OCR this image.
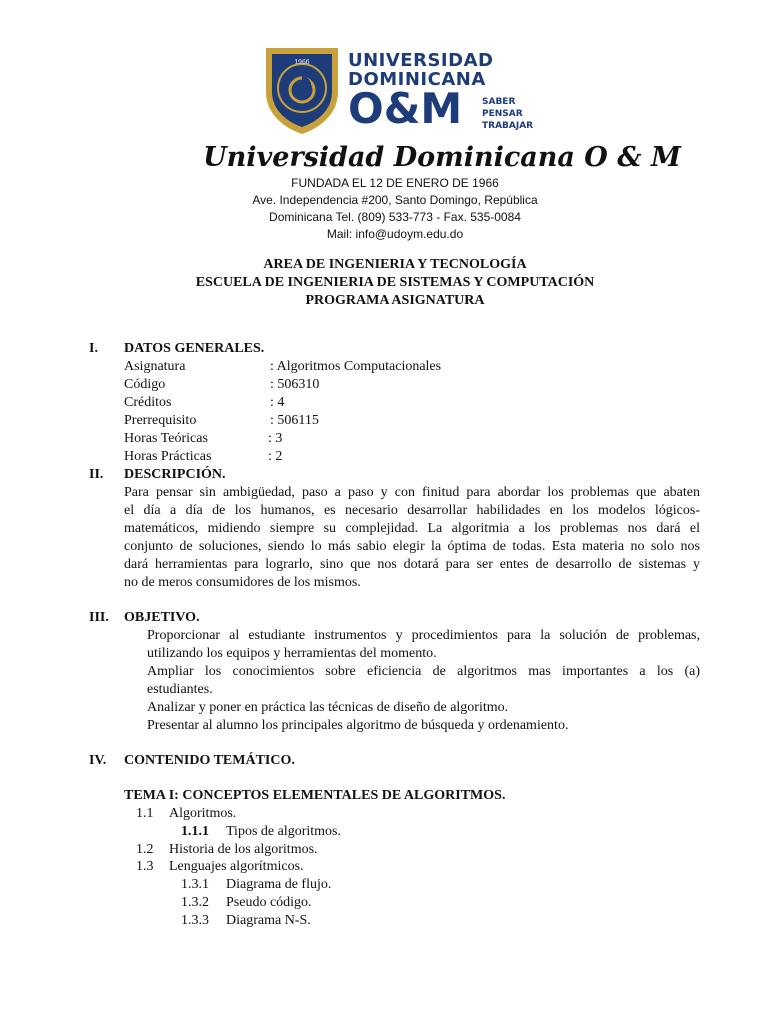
1966 UNIVERSIDAD
DOMINICANA
O&M SABER
PENSAR
TRABAJAR
Universidad Dominicana O & M
FUNDADA EL 12 DE ENERO DE 1966
Ave. Independencia #200, Santo Domingo, República
Dominicana Tel. (809) 533-773 - Fax. 535-0084
Mail: info@udoym.edu.do
AREA DE INGENIERIA Y TECNOLOGÍA
ESCUELA DE INGENIERIA DE SISTEMAS Y COMPUTACIÓN
PROGRAMA ASIGNATURA
I. DATOS GENERALES.
Asignatura	: Algoritmos Computacionales
Código	: 506310
Créditos	: 4
Prerrequisito	: 506115
Horas Teóricas	: 3
Horas Prácticas	: 2
II. DESCRIPCIÓN.
Para pensar sin ambigüedad, paso a paso y con finitud para abordar los problemas que abaten
el día a día de los humanos, es necesario desarrollar habilidades en los modelos lógicos-
matemáticos, midiendo siempre su complejidad. La algoritmia a los problemas nos dará el
conjunto de soluciones, siendo lo más sabio elegir la óptima de todas. Esta materia no solo nos
dará herramientas para lograrlo, sino que nos dotará para ser entes de desarrollo de sistemas y
no de meros consumidores de los mismos.
III. OBJETIVO.
Proporcionar al estudiante instrumentos y procedimientos para la solución de problemas,
utilizando los equipos y herramientas del momento.
Ampliar los conocimientos sobre eficiencia de algoritmos mas importantes a los (a)
estudiantes.
Analizar y poner en práctica las técnicas de diseño de algoritmo.
Presentar al alumno los principales algoritmo de búsqueda y ordenamiento.
IV. CONTENIDO TEMÁTICO.
TEMA I: CONCEPTOS ELEMENTALES DE ALGORITMOS.
1.1 Algoritmos.
1.1.1 Tipos de algoritmos.
1.2 Historia de los algoritmos.
1.3 Lenguajes algorítmicos.
1.3.1 Diagrama de flujo.
1.3.2 Pseudo código.
1.3.3 Diagrama N-S.
